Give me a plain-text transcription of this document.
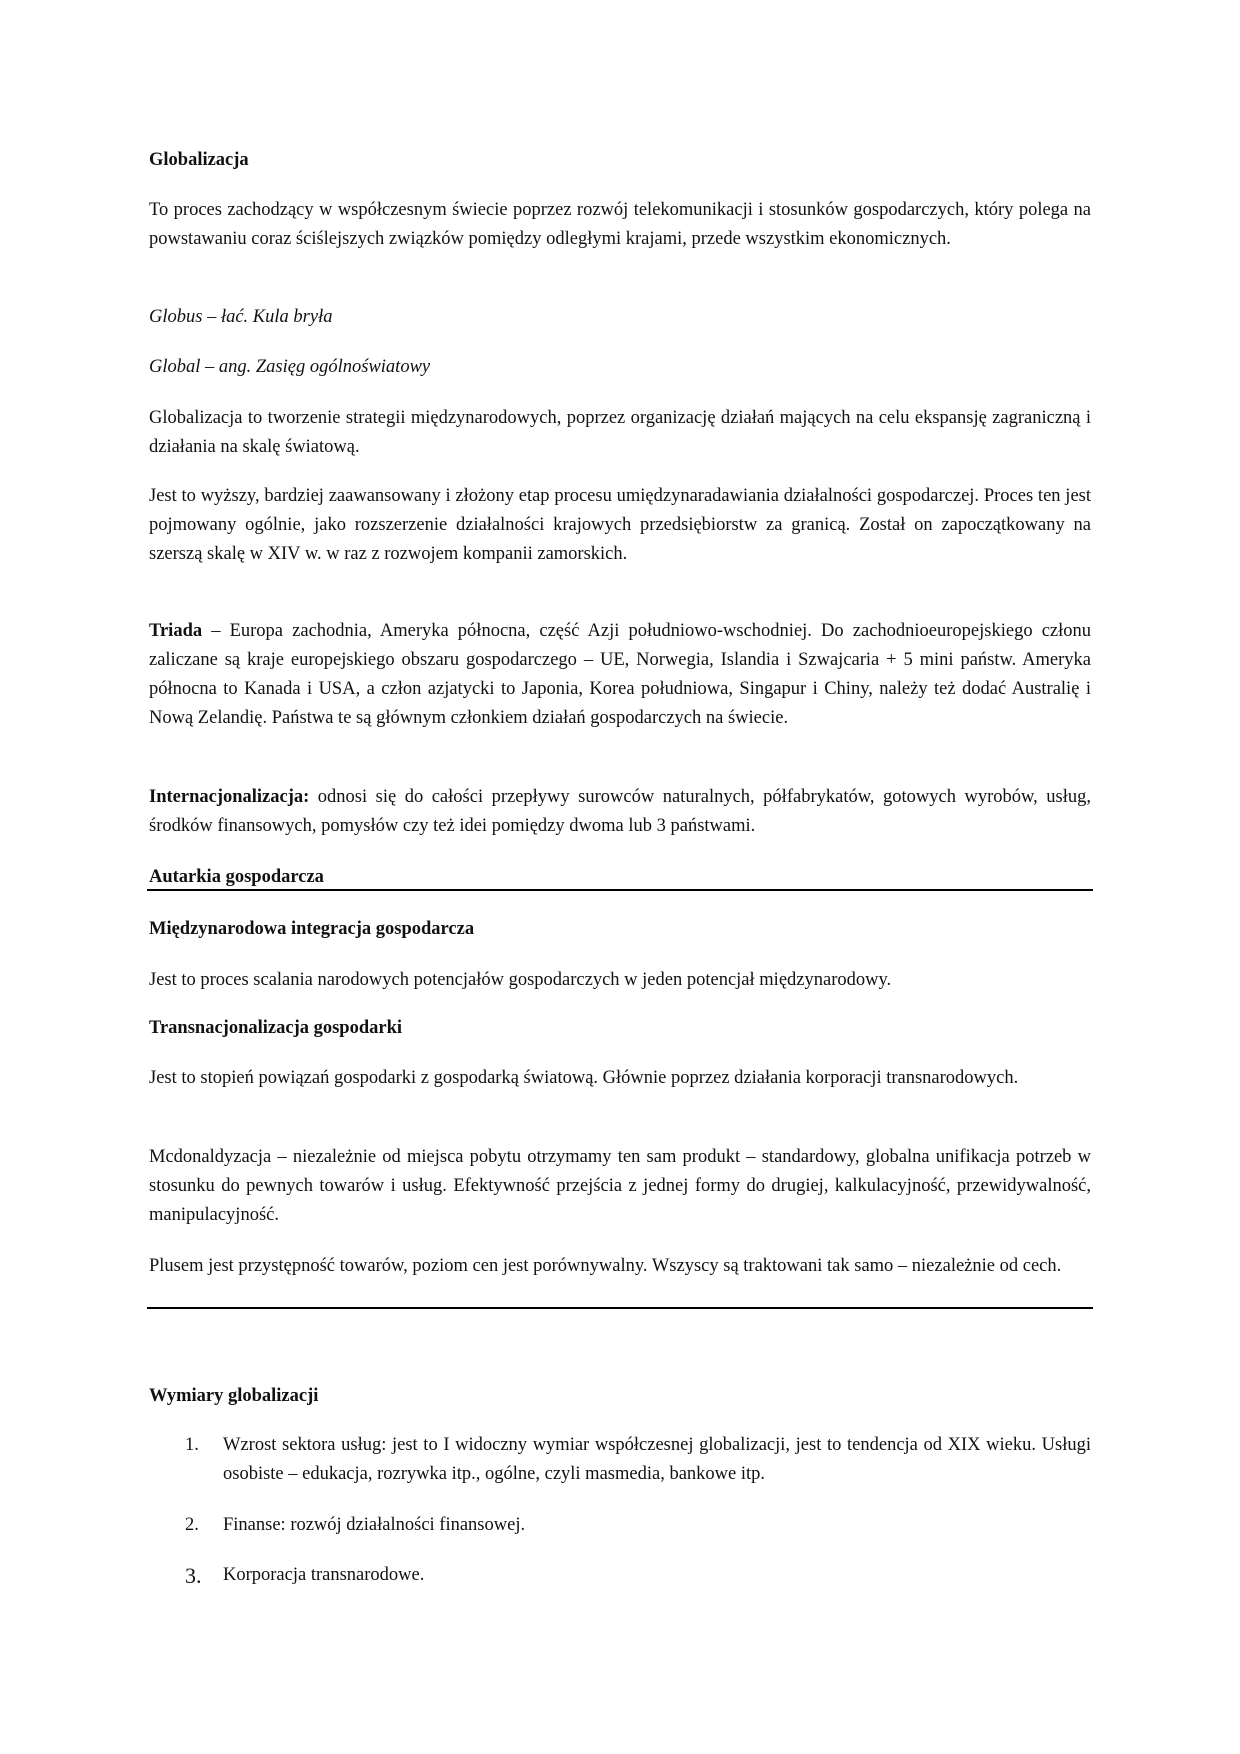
Globalizacja

To proces zachodzący w współczesnym świecie poprzez rozwój telekomunikacji i stosunków gospodarczych, który polega na powstawaniu coraz ściślejszych związków pomiędzy odległymi krajami, przede wszystkim ekonomicznych.

Globus – łać. Kula bryła

Global – ang. Zasięg ogólnoświatowy

Globalizacja to tworzenie strategii międzynarodowych, poprzez organizację działań mających na celu ekspansję zagraniczną i działania na skalę światową.

Jest to wyższy, bardziej zaawansowany i złożony etap procesu umiędzynaradawiania działalności gospodarczej. Proces ten jest pojmowany ogólnie, jako rozszerzenie działalności krajowych przedsiębiorstw za granicą. Został on zapoczątkowany na szerszą skalę w XIV w. w raz z rozwojem kompanii zamorskich.

Triada – Europa zachodnia, Ameryka północna, część Azji południowo-wschodniej. Do zachodnioeuropejskiego członu zaliczane są kraje europejskiego obszaru gospodarczego – UE, Norwegia, Islandia i Szwajcaria + 5 mini państw. Ameryka północna to Kanada i USA, a człon azjatycki to Japonia, Korea południowa, Singapur i Chiny, należy też dodać Australię i Nową Zelandię. Państwa te są głównym członkiem działań gospodarczych na świecie.

Internacjonalizacja: odnosi się do całości przepływy surowców naturalnych, półfabrykatów, gotowych wyrobów, usług, środków finansowych, pomysłów czy też idei pomiędzy dwoma lub 3 państwami.

Autarkia gospodarcza

Międzynarodowa integracja gospodarcza

Jest to proces scalania narodowych potencjałów gospodarczych w jeden potencjał międzynarodowy.

Transnacjonalizacja gospodarki

Jest to stopień powiązań gospodarki z gospodarką światową. Głównie poprzez działania korporacji transnarodowych.

Mcdonaldyzacja – niezależnie od miejsca pobytu otrzymamy ten sam produkt – standardowy, globalna unifikacja potrzeb w stosunku do pewnych towarów i usług. Efektywność przejścia z jednej formy do drugiej, kalkulacyjność, przewidywalność, manipulacyjność.

Plusem jest przystępność towarów, poziom cen jest porównywalny. Wszyscy są traktowani tak samo – niezależnie od cech.

Wymiary globalizacji

1. Wzrost sektora usług: jest to I widoczny wymiar współczesnej globalizacji, jest to tendencja od XIX wieku. Usługi osobiste – edukacja, rozrywka itp., ogólne, czyli masmedia, bankowe itp.
2. Finanse: rozwój działalności finansowej.
3. Korporacja transnarodowe.
